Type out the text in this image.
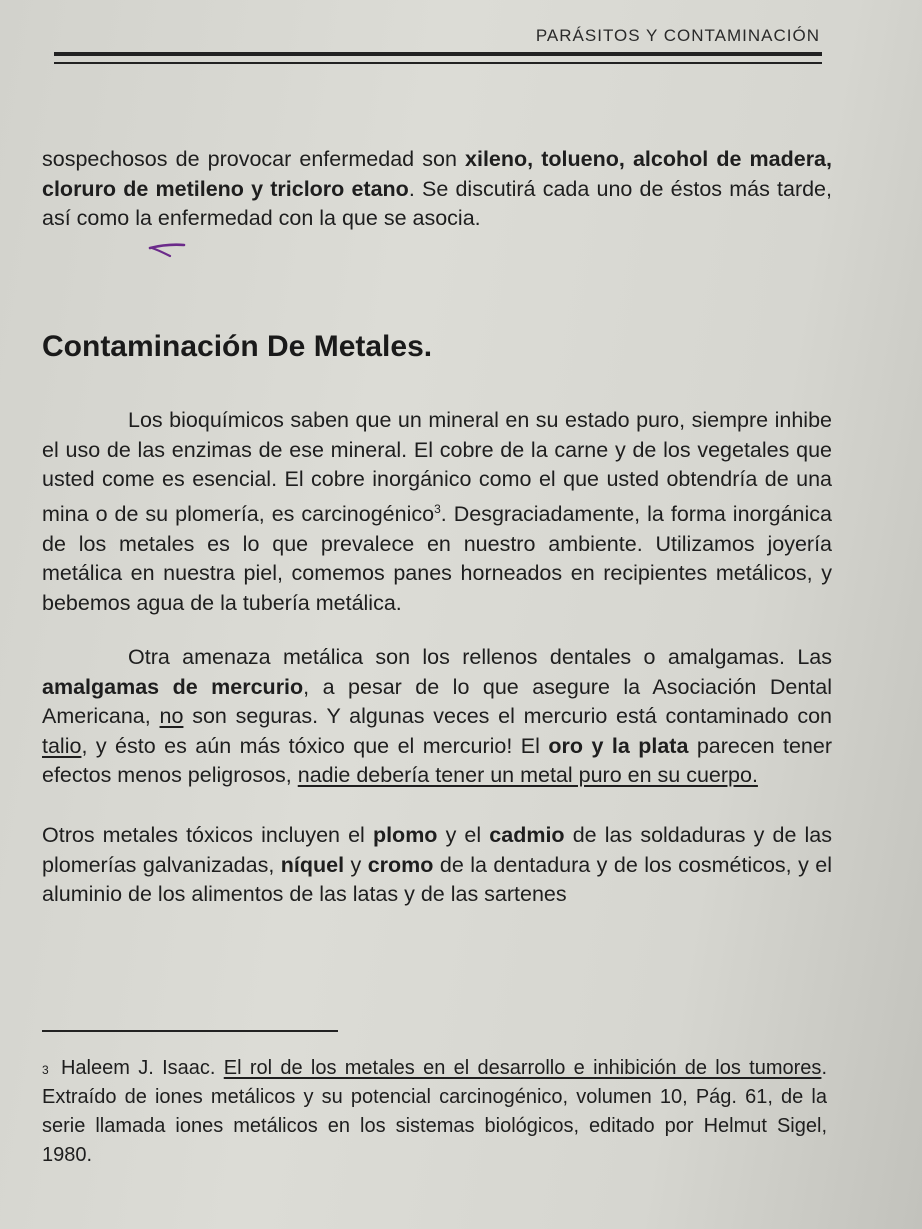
PARÁSITOS Y CONTAMINACIÓN

sospechosos de provocar enfermedad son xileno, tolueno, alcohol de madera, cloruro de metileno y tricloro etano. Se discutirá cada uno de éstos más tarde, así como la enfermedad con la que se asocia.

Contaminación De Metales.

Los bioquímicos saben que un mineral en su estado puro, siempre inhibe el uso de las enzimas de ese mineral. El cobre de la carne y de los vegetales que usted come es esencial. El cobre inorgánico como el que usted obtendría de una mina o de su plomería, es carcinogénico$^3$. Desgraciadamente, la forma inorgánica de los metales es lo que prevalece en nuestro ambiente. Utilizamos joyería metálica en nuestra piel, comemos panes horneados en recipientes metálicos, y bebemos agua de la tubería metálica.

Otra amenaza metálica son los rellenos dentales o amalgamas. Las amalgamas de mercurio, a pesar de lo que asegure la Asociación Dental Americana, no son seguras. Y algunas veces el mercurio está contaminado con talio, y ésto es aún más tóxico que el mercurio! El oro y la plata parecen tener efectos menos peligrosos, nadie debería tener un metal puro en su cuerpo.

Otros metales tóxicos incluyen el plomo y el cadmio de las soldaduras y de las plomerías galvanizadas, níquel y cromo de la dentadura y de los cosméticos, y el aluminio de los alimentos de las latas y de las sartenes

$^3$ Haleem J. Isaac. El rol de los metales en el desarrollo e inhibición de los tumores. Extraído de iones metálicos y su potencial carcinogénico, volumen 10, Pág. 61, de la serie llamada iones metálicos en los sistemas biológicos, editado por Helmut Sigel, 1980.
